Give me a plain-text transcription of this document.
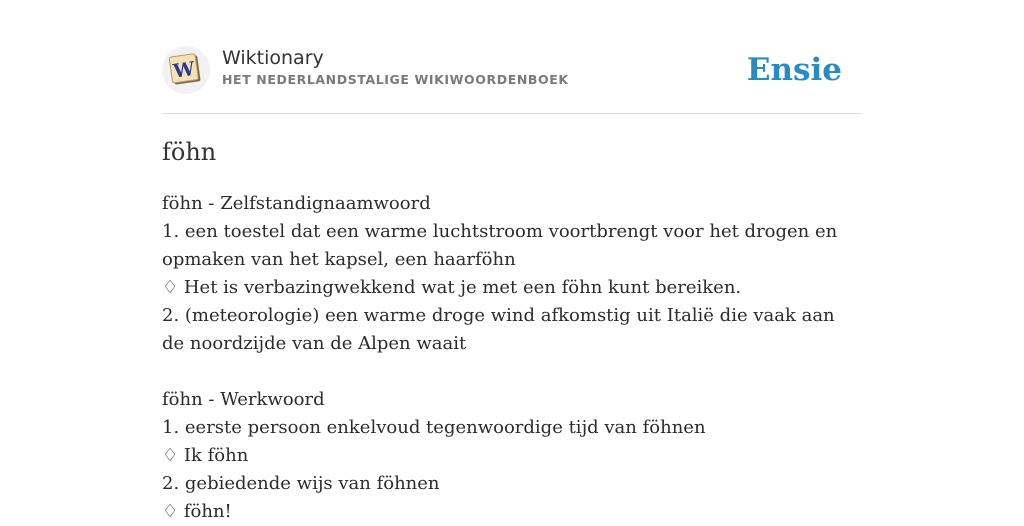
W Wiktionary
HET NEDERLANDSTALIGE WIKIWOORDENBOEK	Ensie
föhn
föhn - Zelfstandignaamwoord
1. een toestel dat een warme luchtstroom voortbrengt voor het drogen en opmaken van het kapsel, een haarföhn
♢ Het is verbazingwekkend wat je met een föhn kunt bereiken.
2. (meteorologie) een warme droge wind afkomstig uit Italië die vaak aan de noordzijde van de Alpen waait
föhn - Werkwoord
1. eerste persoon enkelvoud tegenwoordige tijd van föhnen
♢ Ik föhn
2. gebiedende wijs van föhnen
♢ föhn!
